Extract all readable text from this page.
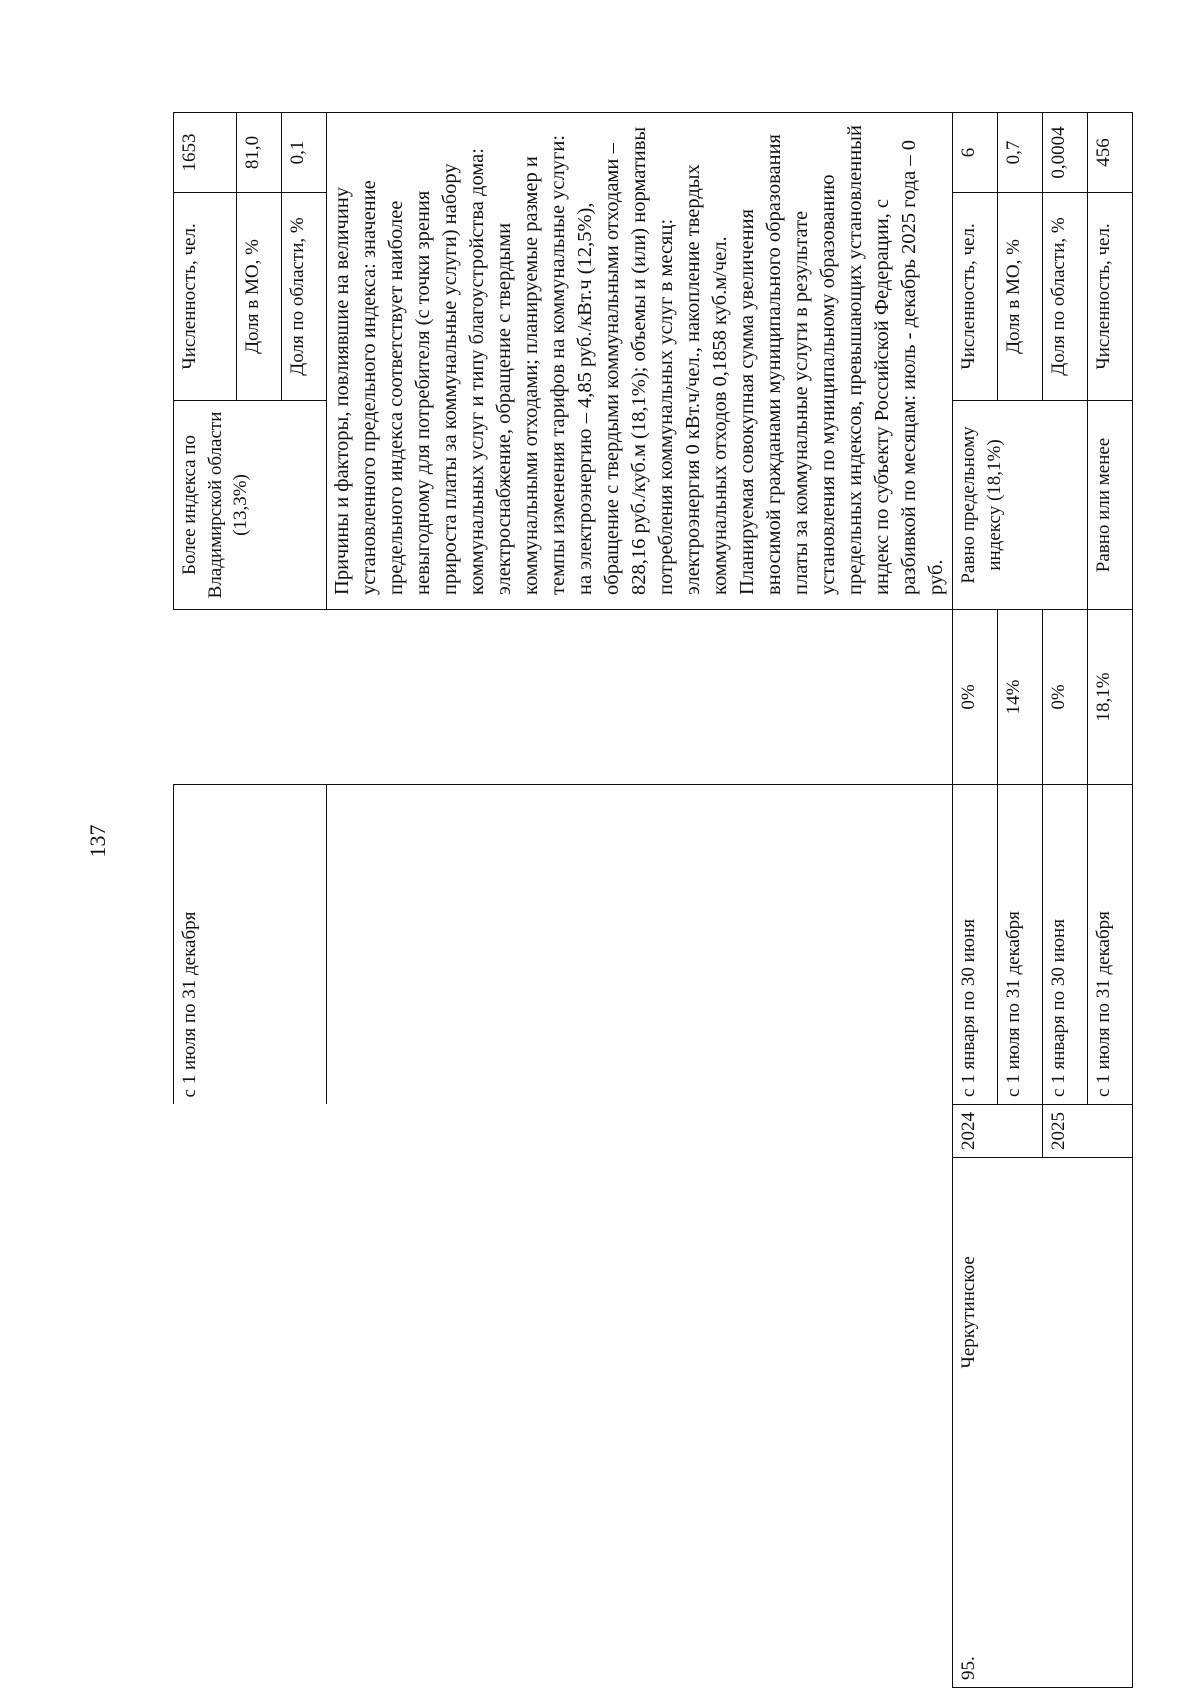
137
			с 1 июля по 31 декабря		Более индекса по Владимирской области (13,3%)	Численность, чел.	1653
						Доля в МО, %	81,0
						Доля по области, %	0,1
					Причины и факторы, повлиявшие на величину установленного предельного индекса: значение предельного индекса соответствует наиболее невыгодному для потребителя (с точки зрения прироста платы за коммунальные услуги) набору коммунальных услуг и типу благоустройства дома: электроснабжение, обращение с твердыми коммунальными отходами; планируемые размер и темпы изменения тарифов на коммунальные услуги: на электроэнергию – 4,85 руб./кВт.ч (12,5%), обращение с твердыми коммунальными отходами – 828,16 руб./куб.м (18,1%); объемы и (или) нормативы потребления коммунальных услуг в месяц: электроэнергия 0 кВт.ч/чел., накопление твердых коммунальных отходов 0,1858 куб.м/чел. Планируемая совокупная сумма увеличения вносимой гражданами муниципального образования платы за коммунальные услуги в результате установления по муниципальному образованию предельных индексов, превышающих установленный индекс по субъекту Российской Федерации, с разбивкой по месяцам: июль - декабрь 2025 года – 0 руб.		
95.	Черкутинское	2024	с 1 января по 30 июня	0%	Равно предельному индексу (18,1%)	Численность, чел.	6
			с 1 июля по 31 декабря	14%		Доля в МО, %	0,7
		2025	с 1 января по 30 июня	0%		Доля по области, %	0,0004
			с 1 июля по 31 декабря	18,1%	Равно или менее	Численность, чел.	456
